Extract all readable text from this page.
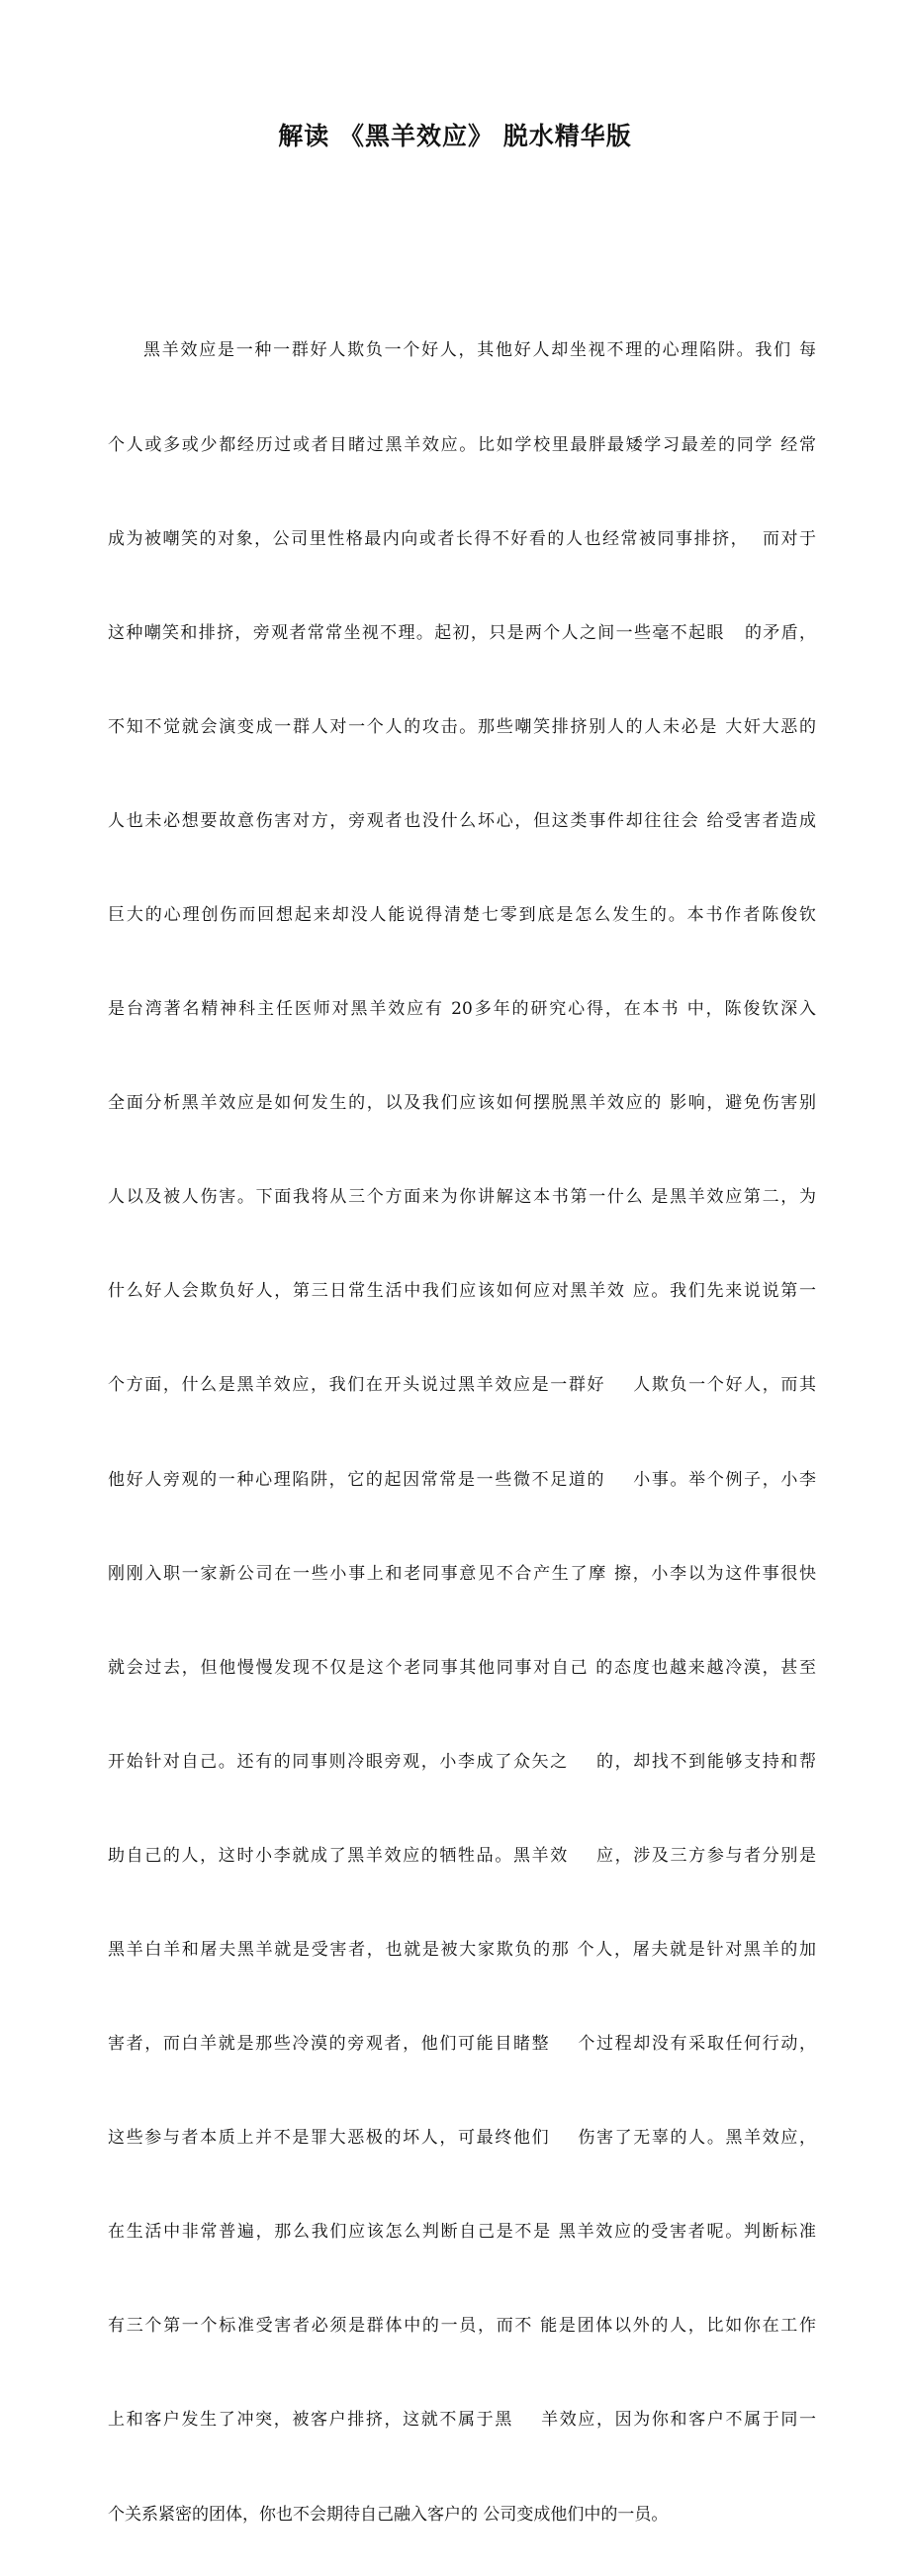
解读 《黑羊效应》 脱水精华版

黑羊效应是一种一群好人欺负一个好人，其他好人却坐视不理的心理陷阱。我们 每

个人或多或少都经历过或者目睹过黑羊效应。比如学校里最胖最矮学习最差的同学 经常

成为被嘲笑的对象，公司里性格最内向或者长得不好看的人也经常被同事排挤，  而对于

这种嘲笑和排挤，旁观者常常坐视不理。起初，只是两个人之间一些毫不起眼   的矛盾，

不知不觉就会演变成一群人对一个人的攻击。那些嘲笑排挤别人的人未必是 大奸大恶的

人也未必想要故意伤害对方，旁观者也没什么坏心，但这类事件却往往会 给受害者造成

巨大的心理创伤而回想起来却没人能说得清楚七零到底是怎么发生的。本书作者陈俊钦

是台湾著名精神科主任医师对黑羊效应有 20多年的研究心得，在本书 中，陈俊钦深入

全面分析黑羊效应是如何发生的，以及我们应该如何摆脱黑羊效应的 影响，避免伤害别

人以及被人伤害。下面我将从三个方面来为你讲解这本书第一什么 是黑羊效应第二，为

什么好人会欺负好人，第三日常生活中我们应该如何应对黑羊效 应。我们先来说说第一

个方面，什么是黑羊效应，我们在开头说过黑羊效应是一群好    人欺负一个好人，而其

他好人旁观的一种心理陷阱，它的起因常常是一些微不足道的    小事。举个例子，小李

刚刚入职一家新公司在一些小事上和老同事意见不合产生了摩 擦，小李以为这件事很快

就会过去，但他慢慢发现不仅是这个老同事其他同事对自己 的态度也越来越冷漠，甚至

开始针对自己。还有的同事则冷眼旁观，小李成了众矢之    的，却找不到能够支持和帮

助自己的人，这时小李就成了黑羊效应的牺牲品。黑羊效    应，涉及三方参与者分别是

黑羊白羊和屠夫黑羊就是受害者，也就是被大家欺负的那 个人，屠夫就是针对黑羊的加

害者，而白羊就是那些冷漠的旁观者，他们可能目睹整    个过程却没有采取任何行动，

这些参与者本质上并不是罪大恶极的坏人，可最终他们    伤害了无辜的人。黑羊效应，

在生活中非常普遍，那么我们应该怎么判断自己是不是 黑羊效应的受害者呢。判断标准

有三个第一个标准受害者必须是群体中的一员，而不 能是团体以外的人，比如你在工作

上和客户发生了冲突，被客户排挤，这就不属于黑    羊效应，因为你和客户不属于同一

个关系紧密的团体，你也不会期待自己融入客户的 公司变成他们中的一员。
